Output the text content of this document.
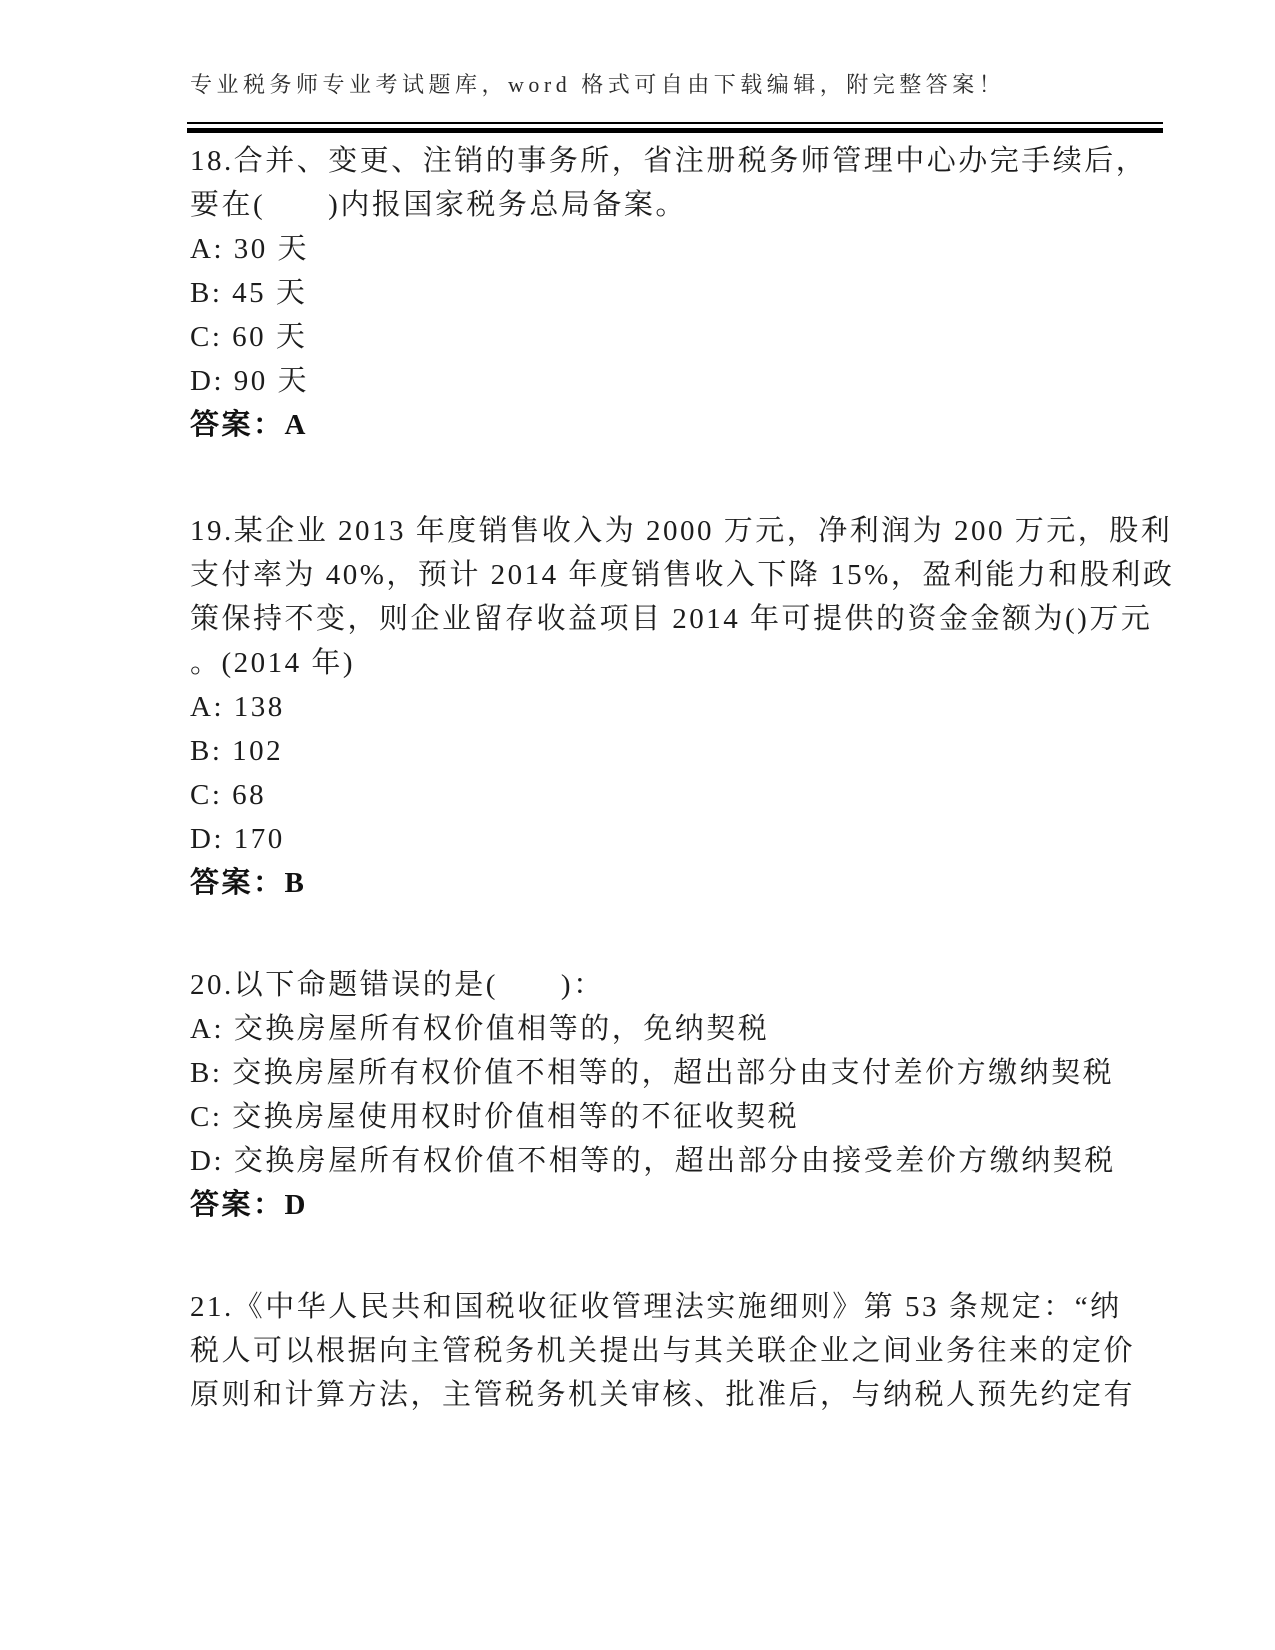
专业税务师专业考试题库，word 格式可自由下载编辑，附完整答案！

18.合并、变更、注销的事务所，省注册税务师管理中心办完手续后，

要在(　　)内报国家税务总局备案。

A: 30 天

B: 45 天

C: 60 天

D: 90 天

答案：A

19.某企业 2013 年度销售收入为 2000 万元，净利润为 200 万元，股利

支付率为 40%，预计 2014 年度销售收入下降 15%，盈利能力和股利政

策保持不变，则企业留存收益项目 2014 年可提供的资金金额为()万元

。(2014 年)

A: 138

B: 102

C: 68

D: 170

答案：B

20.以下命题错误的是(　　)：

A: 交换房屋所有权价值相等的，免纳契税

B: 交换房屋所有权价值不相等的，超出部分由支付差价方缴纳契税

C: 交换房屋使用权时价值相等的不征收契税

D: 交换房屋所有权价值不相等的，超出部分由接受差价方缴纳契税

答案：D

21.《中华人民共和国税收征收管理法实施细则》第 53 条规定：“纳

税人可以根据向主管税务机关提出与其关联企业之间业务往来的定价

原则和计算方法，主管税务机关审核、批准后，与纳税人预先约定有
